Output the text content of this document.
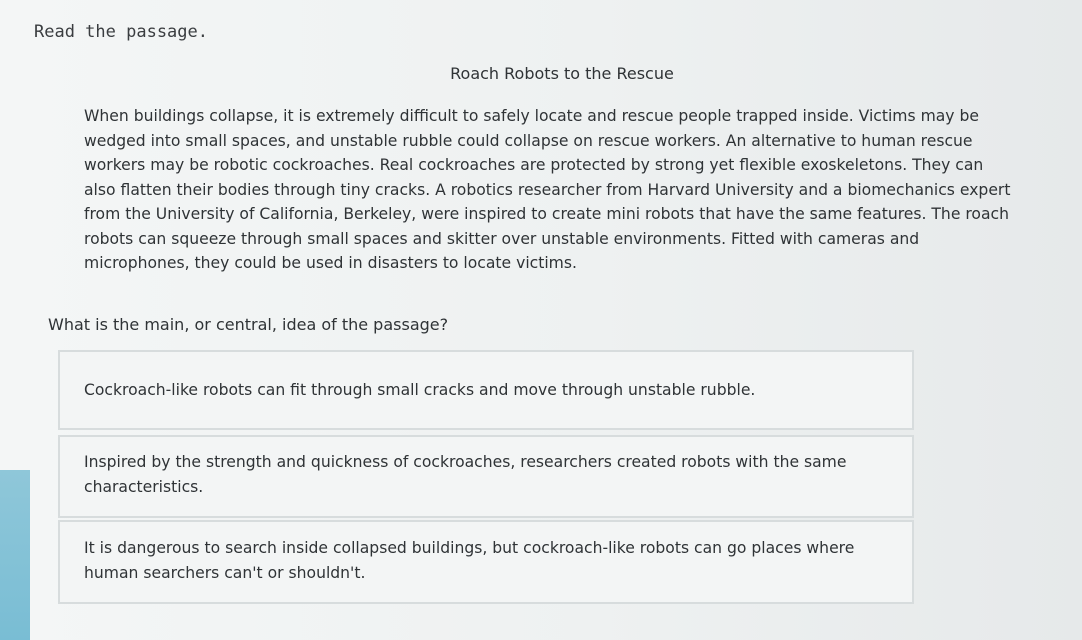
Read the passage.
Roach Robots to the Rescue
When buildings collapse, it is extremely difficult to safely locate and rescue people trapped inside. Victims may be wedged into small spaces, and unstable rubble could collapse on rescue workers. An alternative to human rescue workers may be robotic cockroaches. Real cockroaches are protected by strong yet flexible exoskeletons. They can also flatten their bodies through tiny cracks. A robotics researcher from Harvard University and a biomechanics expert from the University of California, Berkeley, were inspired to create mini robots that have the same features. The roach robots can squeeze through small spaces and skitter over unstable environments. Fitted with cameras and microphones, they could be used in disasters to locate victims.
What is the main, or central, idea of the passage?
Cockroach-like robots can fit through small cracks and move through unstable rubble.
Inspired by the strength and quickness of cockroaches, researchers created robots with the same characteristics.
It is dangerous to search inside collapsed buildings, but cockroach-like robots can go places where human searchers can't or shouldn't.
